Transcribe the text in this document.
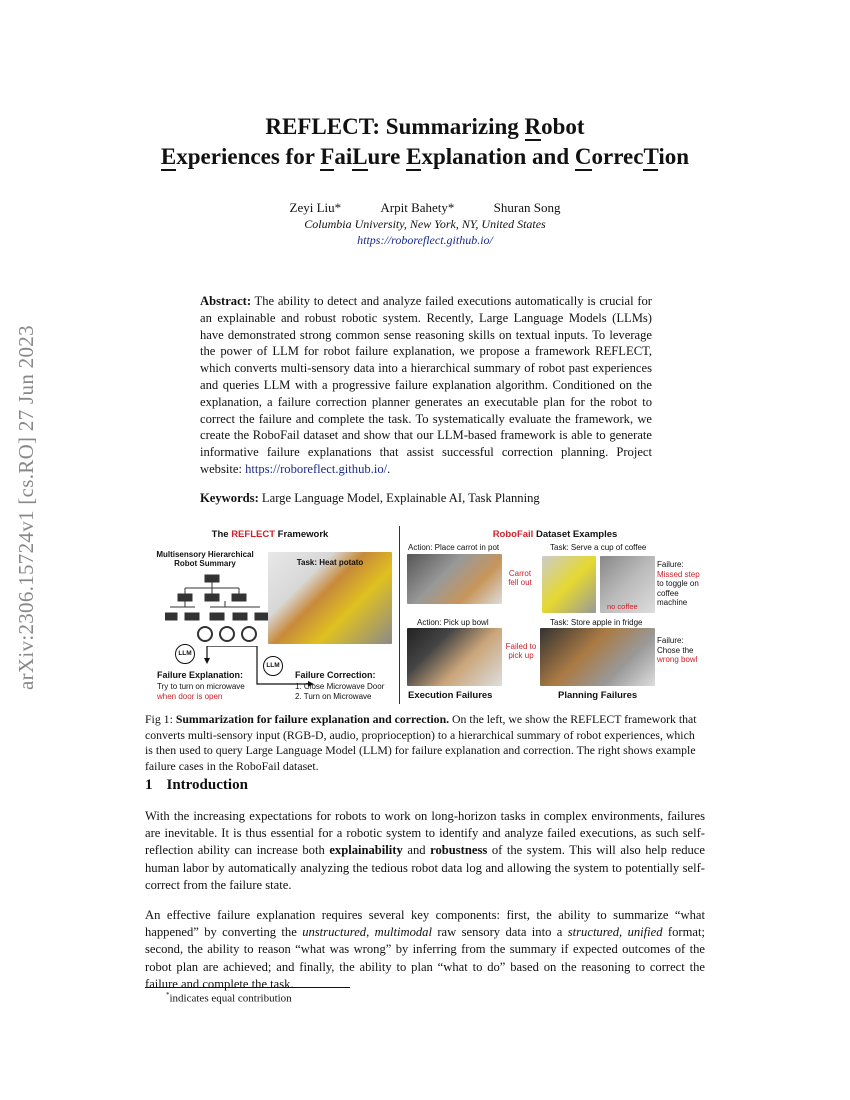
arXiv:2306.15724v1 [cs.RO] 27 Jun 2023
REFLECT: Summarizing Robot
Experiences for FaiLure Explanation and CorrecTion
Zeyi Liu*	Arpit Bahety*	Shuran Song
Columbia University, New York, NY, United States
https://roboreflect.github.io/
Abstract: The ability to detect and analyze failed executions automatically is crucial for an explainable and robust robotic system. Recently, Large Language Models (LLMs) have demonstrated strong common sense reasoning skills on textual inputs. To leverage the power of LLM for robot failure explanation, we propose a framework REFLECT, which converts multi-sensory data into a hierarchical summary of robot past experiences and queries LLM with a progressive failure explanation algorithm. Conditioned on the explanation, a failure correction planner generates an executable plan for the robot to correct the failure and complete the task. To systematically evaluate the framework, we create the RoboFail dataset and show that our LLM-based framework is able to generate informative failure explanations that assist successful correction planning. Project website: https://roboreflect.github.io/.
Keywords: Large Language Model, Explainable AI, Task Planning
The REFLECT Framework
Multisensory Hierarchical Robot Summary	Task: Heat potato
LLM
LLM
Failure Explanation:
Try to turn on microwave
when door is open
Failure Correction:
1. Close Microwave Door
2. Turn on Microwave
RoboFail Dataset Examples
Action: Place carrot in pot
Carrot fell out
Action: Pick up bowl
Failed to pick up
Execution Failures
Task: Serve a cup of coffee
no coffee
Failure:
Missed step
to toggle on coffee machine
Task: Store apple in fridge
Failure:
Chose the
wrong bowl
Planning Failures
Fig 1: Summarization for failure explanation and correction. On the left, we show the REFLECT framework that converts multi-sensory input (RGB-D, audio, proprioception) to a hierarchical summary of robot experiences, which is then used to query Large Language Model (LLM) for failure explanation and correction. The right shows example failure cases in the RoboFail dataset.
1 Introduction
With the increasing expectations for robots to work on long-horizon tasks in complex environments, failures are inevitable. It is thus essential for a robotic system to identify and analyze failed executions, as such self-reflection ability can increase both explainability and robustness of the system. This will also help reduce human labor by automatically analyzing the tedious robot data log and allowing the system to potentially self-correct from the failure state.
An effective failure explanation requires several key components: first, the ability to summarize “what happened” by converting the unstructured, multimodal raw sensory data into a structured, unified format; second, the ability to reason “what was wrong” by inferring from the summary if expected outcomes of the robot plan are achieved; and finally, the ability to plan “what to do” based on the reasoning to correct the failure and complete the task.
*indicates equal contribution
